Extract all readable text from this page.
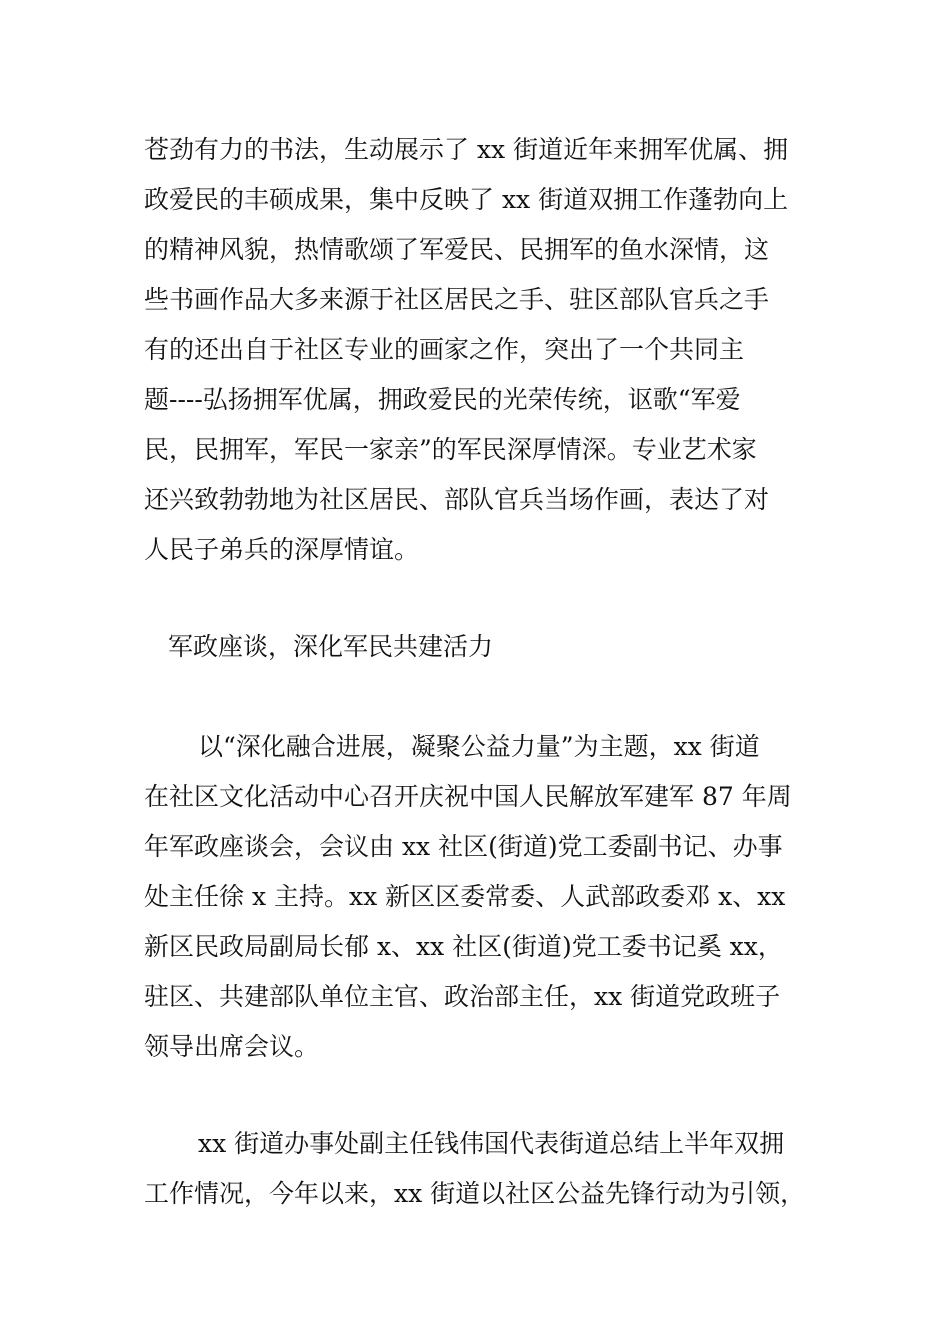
苍劲有力的书法，生动展示了 xx 街道近年来拥军优属、拥
政爱民的丰硕成果，集中反映了 xx 街道双拥工作蓬勃向上
的精神风貌，热情歌颂了军爱民、民拥军的鱼水深情，这
些书画作品大多来源于社区居民之手、驻区部队官兵之手
有的还出自于社区专业的画家之作，突出了一个共同主
题----弘扬拥军优属，拥政爱民的光荣传统，讴歌“军爱
民，民拥军，军民一家亲”的军民深厚情深。专业艺术家
还兴致勃勃地为社区居民、部队官兵当场作画，表达了对
人民子弟兵的深厚情谊。
军政座谈，深化军民共建活力
以“深化融合进展，凝聚公益力量”为主题，xx 街道
在社区文化活动中心召开庆祝中国人民解放军建军 87 年周
年军政座谈会，会议由 xx 社区(街道)党工委副书记、办事
处主任徐 x 主持。xx 新区区委常委、人武部政委邓 x、xx
新区民政局副局长郁 x、xx 社区(街道)党工委书记奚 xx，
驻区、共建部队单位主官、政治部主任，xx 街道党政班子
领导出席会议。
xx 街道办事处副主任钱伟国代表街道总结上半年双拥
工作情况，今年以来，xx 街道以社区公益先锋行动为引领，
